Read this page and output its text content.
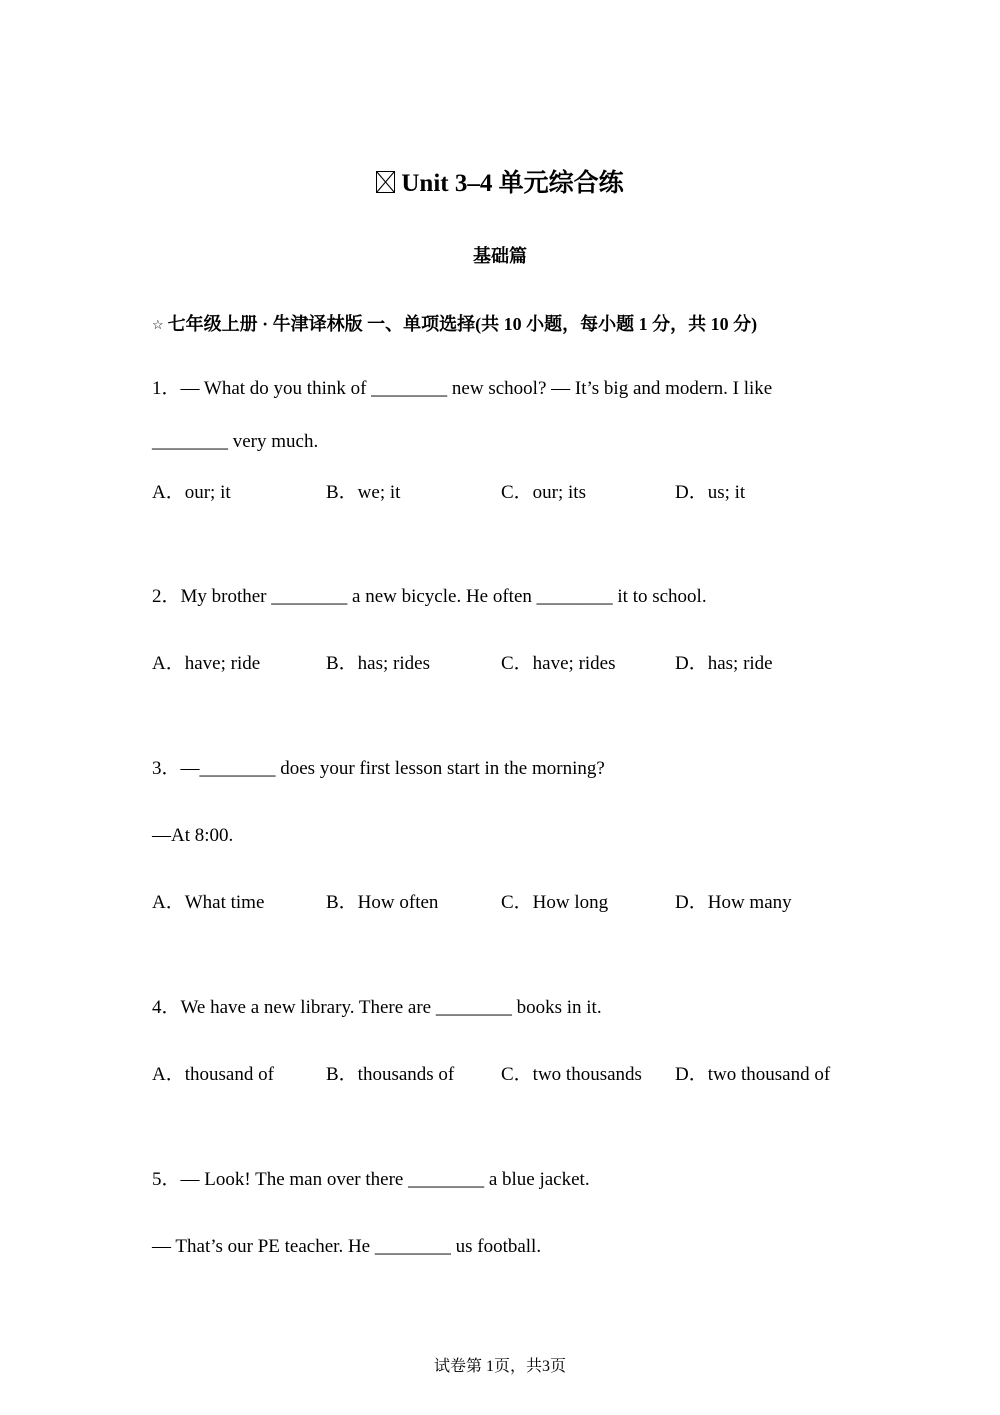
Unit 3–4 单元综合练
基础篇
☆ 七年级上册 · 牛津译林版 一、单项选择(共 10 小题，每小题 1 分，共 10 分)
1．— What do you think of ________ new school? — It’s big and modern. I like
________ very much.
A．our; it	B．we; it	C．our; its	D．us; it
2．My brother ________ a new bicycle. He often ________ it to school.
A．have; ride	B．has; rides	C．have; rides	D．has; ride
3．—________ does your first lesson start in the morning?
—At 8:00.
A．What time	B．How often	C．How long	D．How many
4．We have a new library. There are ________ books in it.
A．thousand of	B．thousands of C．two thousands D．two thousand of
5．— Look! The man over there ________ a blue jacket.
— That’s our PE teacher. He ________ us football.
试卷第 1页，共3页
